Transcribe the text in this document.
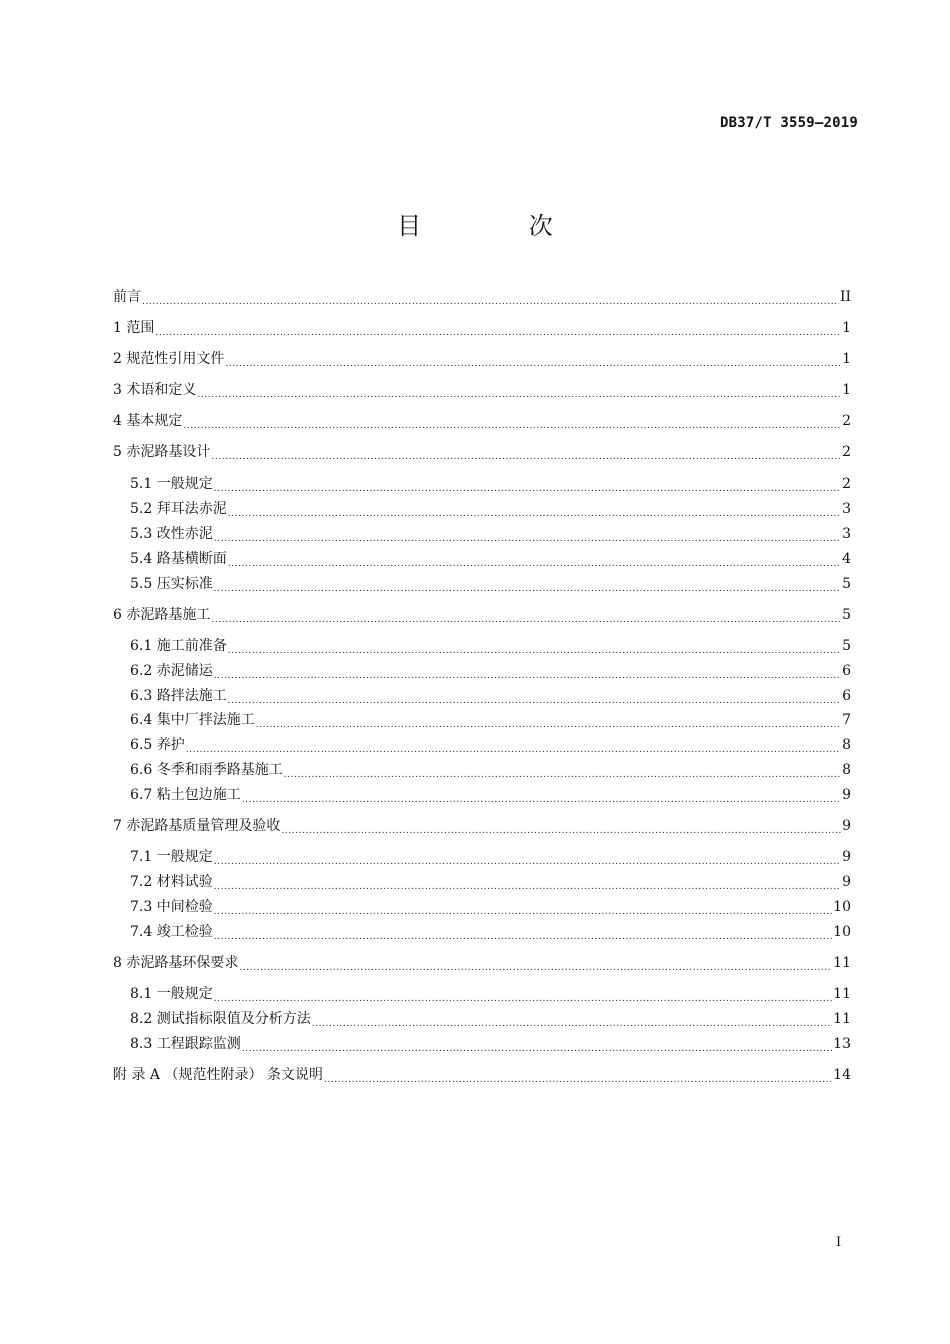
DB37/T 3559—2019
目 次
前言 .....	II
1 范围 .....	1
2 规范性引用文件 .....	1
3 术语和定义 .....	1
4 基本规定 .....	2
5 赤泥路基设计 .....	2
5.1 一般规定 .....	2
5.2 拜耳法赤泥 .....	3
5.3 改性赤泥 .....	3
5.4 路基横断面 .....	4
5.5 压实标准 .....	5
6 赤泥路基施工 .....	5
6.1 施工前准备 .....	5
6.2 赤泥储运 .....	6
6.3 路拌法施工 .....	6
6.4 集中厂拌法施工 .....	7
6.5 养护 .....	8
6.6 冬季和雨季路基施工 .....	8
6.7 粘土包边施工 .....	9
7 赤泥路基质量管理及验收 .....	9
7.1 一般规定 .....	9
7.2 材料试验 .....	9
7.3 中间检验 .....	10
7.4 竣工检验 .....	10
8 赤泥路基环保要求 .....	11
8.1 一般规定 .....	11
8.2 测试指标限值及分析方法 .....	11
8.3 工程跟踪监测 .....	13
附 录 A （规范性附录） 条文说明 .....	14
I
